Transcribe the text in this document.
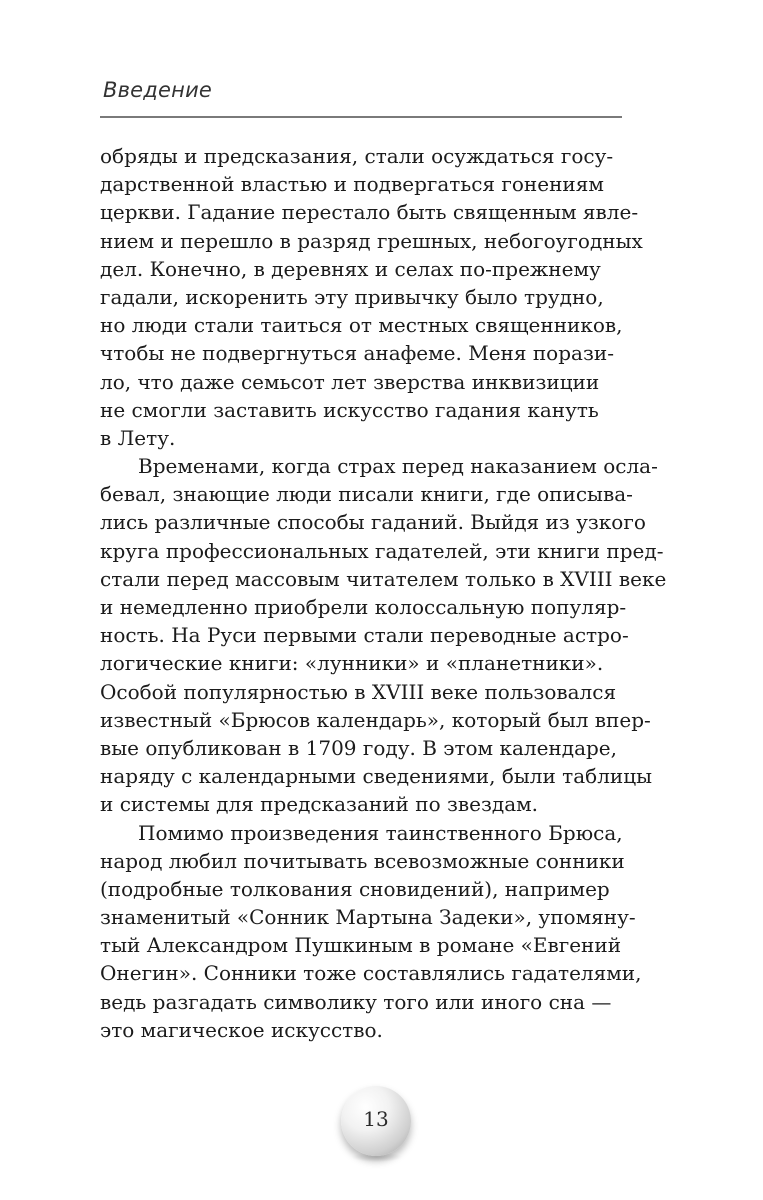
Введение
обряды и предсказания, стали осуждаться госу-
дарственной властью и подвергаться гонениям
церкви. Гадание перестало быть священным явле-
нием и перешло в разряд грешных, небогоугодных
дел. Конечно, в деревнях и селах по-прежнему
гадали, искоренить эту привычку было трудно,
но люди стали таиться от местных священников,
чтобы не подвергнуться анафеме. Меня порази-
ло, что даже семьсот лет зверства инквизиции
не смогли заставить искусство гадания кануть
в Лету.
Временами, когда страх перед наказанием осла-
бевал, знающие люди писали книги, где описыва-
лись различные способы гаданий. Выйдя из узкого
круга профессиональных гадателей, эти книги пред-
стали перед массовым читателем только в XVIII веке
и немедленно приобрели колоссальную популяр-
ность. На Руси первыми стали переводные астро-
логические книги: «лунники» и «планетники».
Особой популярностью в XVIII веке пользовался
известный «Брюсов календарь», который был впер-
вые опубликован в 1709 году. В этом календаре,
наряду с календарными сведениями, были таблицы
и системы для предсказаний по звездам.
Помимо произведения таинственного Брюса,
народ любил почитывать всевозможные сонники
(подробные толкования сновидений), например
знаменитый «Сонник Мартына Задеки», упомяну-
тый Александром Пушкиным в романе «Евгений
Онегин». Сонники тоже составлялись гадателями,
ведь разгадать символику того или иного сна —
это магическое искусство.
13
